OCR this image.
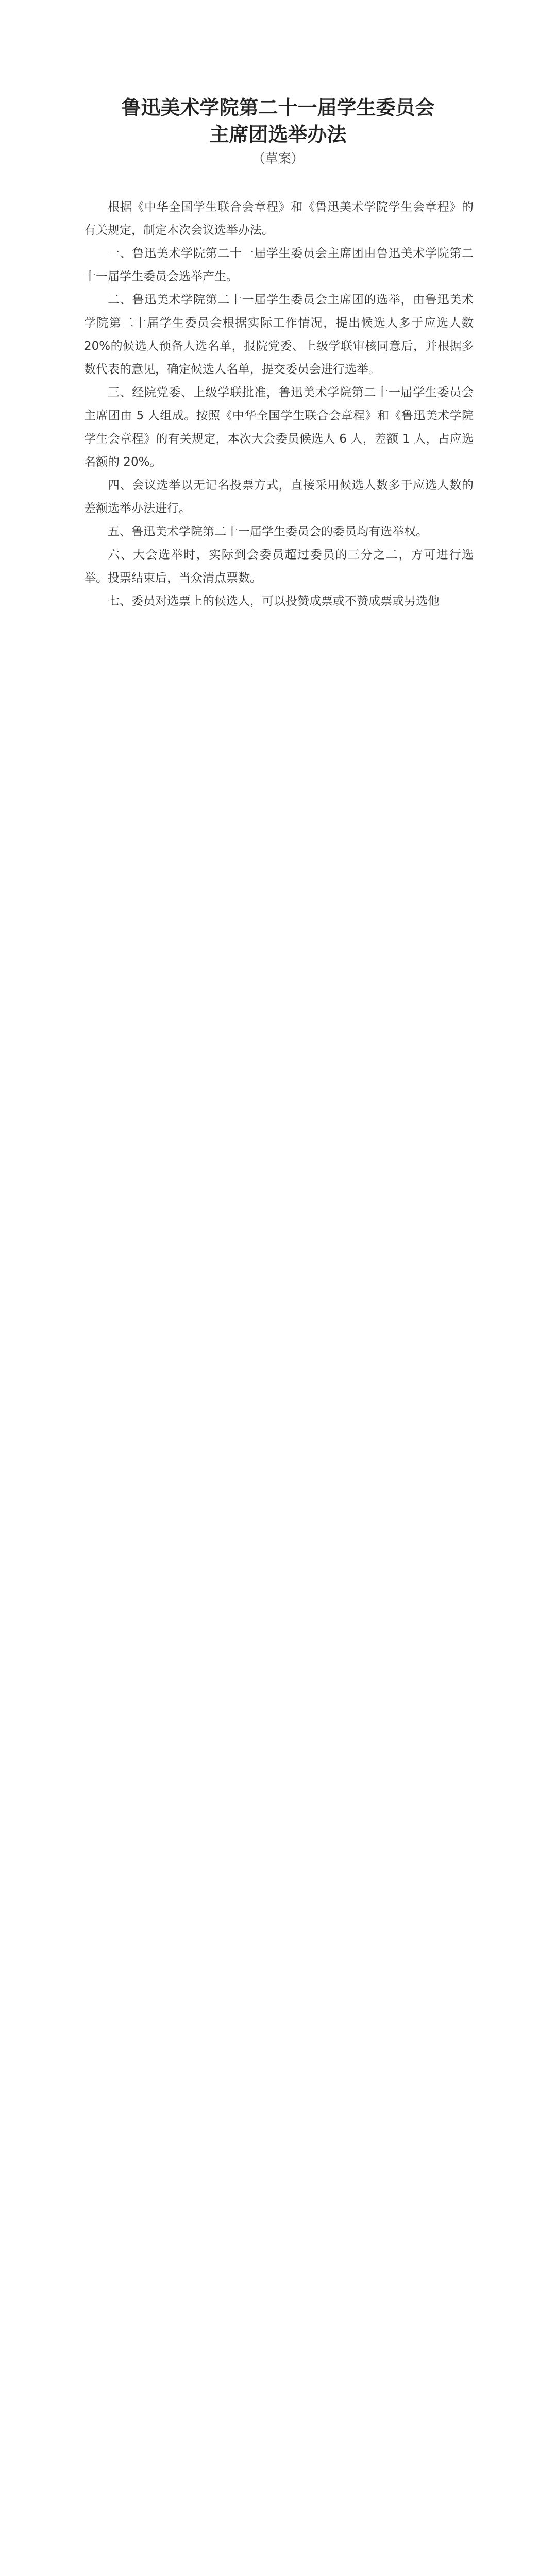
鲁迅美术学院第二十一届学生委员会
主席团选举办法

（草案）

根据《中华全国学生联合会章程》和《鲁迅美术学院学生会章程》的有关规定，制定本次会议选举办法。

一、鲁迅美术学院第二十一届学生委员会主席团由鲁迅美术学院第二十一届学生委员会选举产生。

二、鲁迅美术学院第二十一届学生委员会主席团的选举，由鲁迅美术学院第二十届学生委员会根据实际工作情况，提出候选人多于应选人数 20%的候选人预备人选名单，报院党委、上级学联审核同意后，并根据多数代表的意见，确定候选人名单，提交委员会进行选举。

三、经院党委、上级学联批准，鲁迅美术学院第二十一届学生委员会主席团由 5 人组成。按照《中华全国学生联合会章程》和《鲁迅美术学院学生会章程》的有关规定，本次大会委员候选人 6 人，差额 1 人，占应选名额的 20%。

四、会议选举以无记名投票方式，直接采用候选人数多于应选人数的差额选举办法进行。

五、鲁迅美术学院第二十一届学生委员会的委员均有选举权。

六、大会选举时，实际到会委员超过委员的三分之二，方可进行选举。投票结束后，当众清点票数。

七、委员对选票上的候选人，可以投赞成票或不赞成票或另选他
